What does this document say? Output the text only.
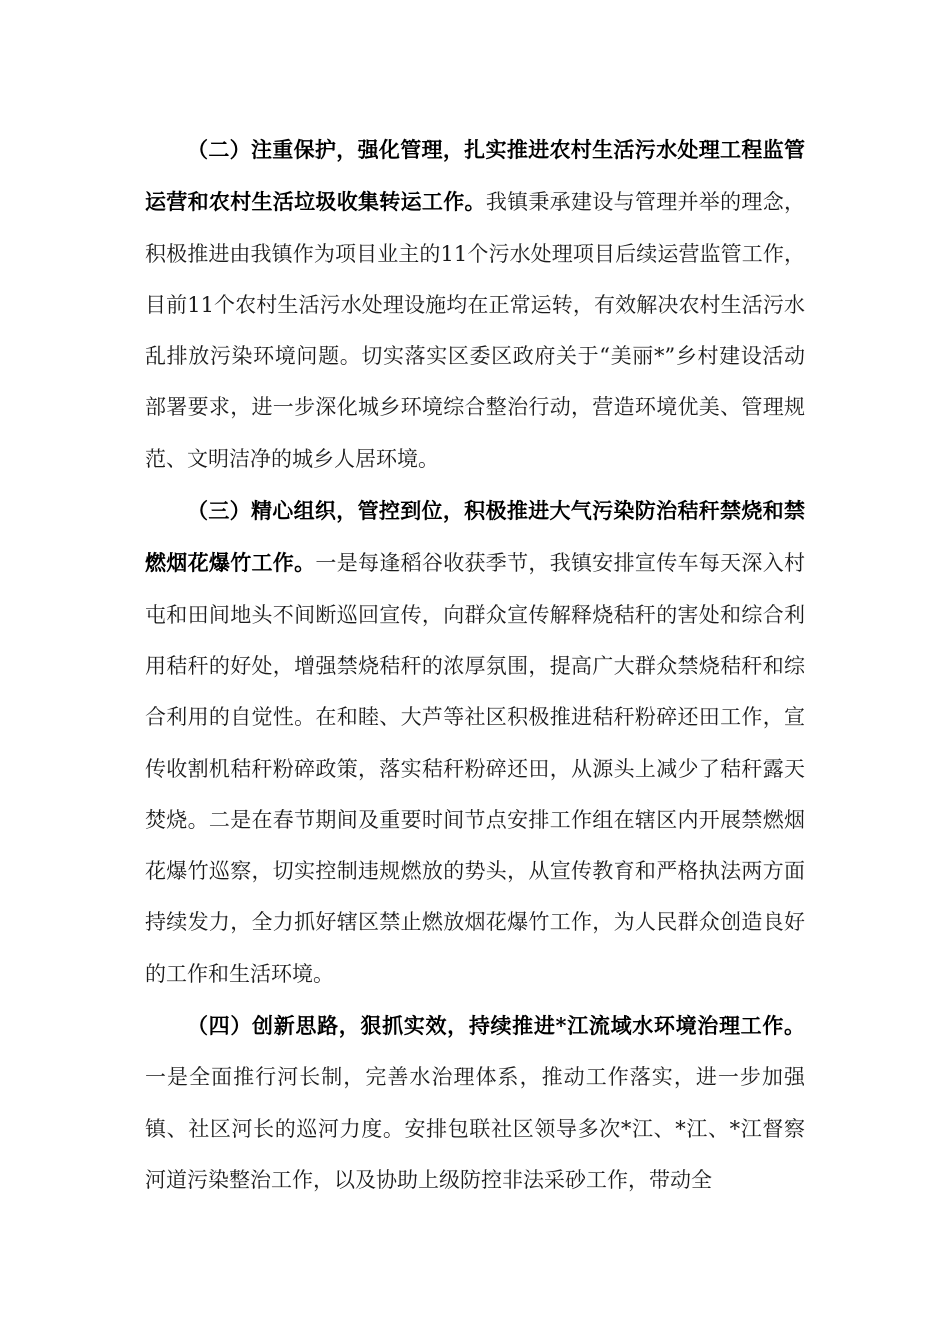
（二）注重保护，强化管理，扎实推进农村生活污水处理工程监管运营和农村生活垃圾收集转运工作。我镇秉承建设与管理并举的理念，积极推进由我镇作为项目业主的11个污水处理项目后续运营监管工作，目前11个农村生活污水处理设施均在正常运转，有效解决农村生活污水乱排放污染环境问题。切实落实区委区政府关于“美丽*”乡村建设活动部署要求，进一步深化城乡环境综合整治行动，营造环境优美、管理规范、文明洁净的城乡人居环境。

（三）精心组织，管控到位，积极推进大气污染防治秸秆禁烧和禁燃烟花爆竹工作。一是每逢稻谷收获季节，我镇安排宣传车每天深入村屯和田间地头不间断巡回宣传，向群众宣传解释烧秸秆的害处和综合利用秸秆的好处，增强禁烧秸秆的浓厚氛围，提高广大群众禁烧秸秆和综合利用的自觉性。在和睦、大芦等社区积极推进秸秆粉碎还田工作，宣传收割机秸秆粉碎政策，落实秸秆粉碎还田，从源头上减少了秸秆露天焚烧。二是在春节期间及重要时间节点安排工作组在辖区内开展禁燃烟花爆竹巡察，切实控制违规燃放的势头，从宣传教育和严格执法两方面持续发力，全力抓好辖区禁止燃放烟花爆竹工作，为人民群众创造良好的工作和生活环境。

（四）创新思路，狠抓实效，持续推进*江流域水环境治理工作。一是全面推行河长制，完善水治理体系，推动工作落实，进一步加强镇、社区河长的巡河力度。安排包联社区领导多次*江、*江、*江督察河道污染整治工作，以及协助上级防控非法采砂工作，带动全
